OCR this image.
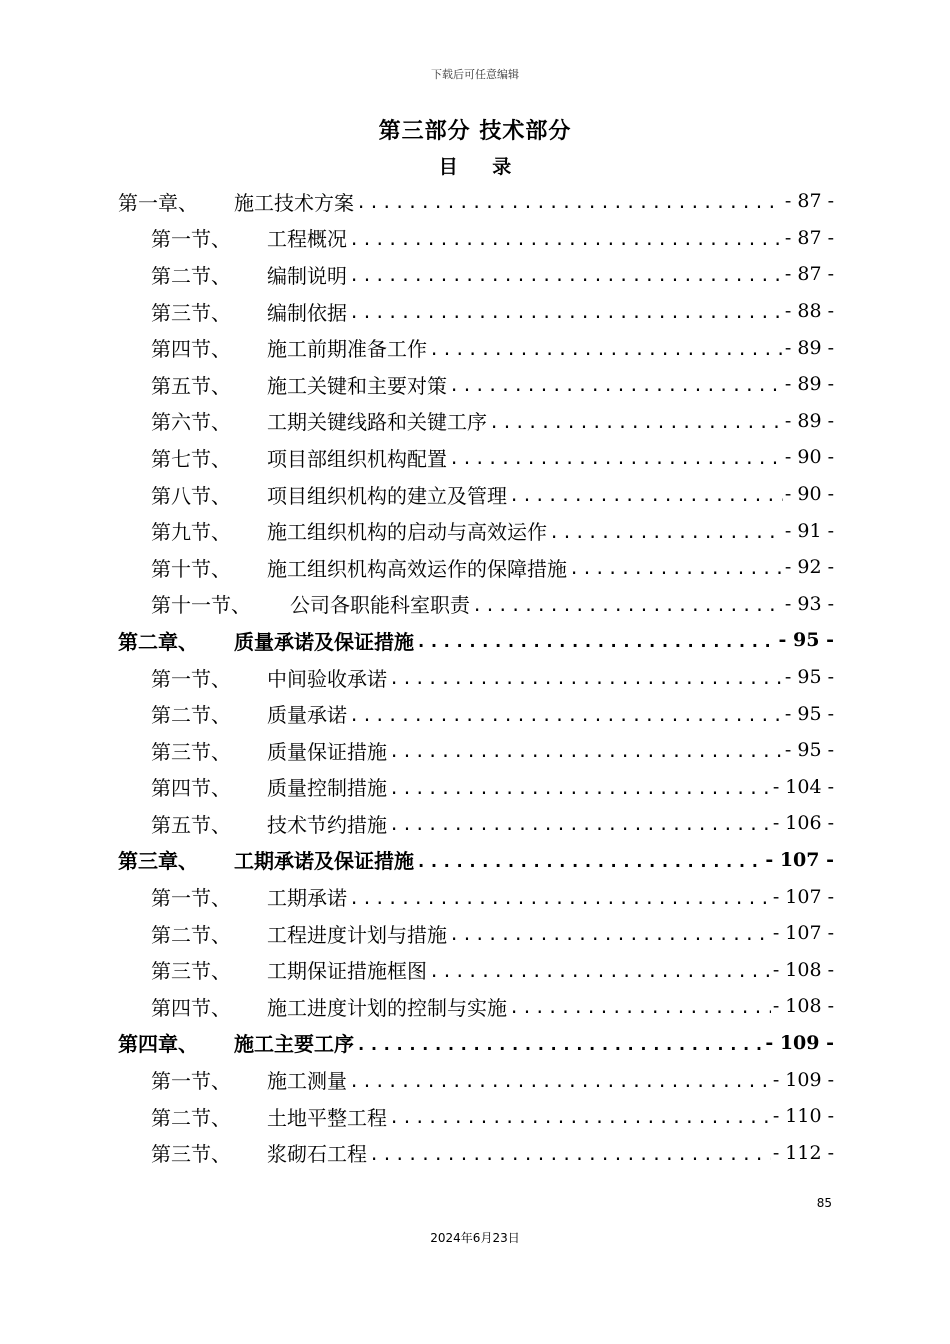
下载后可任意编辑
第三部分 技术部分
目 录
第一章、	施工技术方案 .....	- 87 -
第一节、	工程概况 .....	- 87 -
第二节、	编制说明 .....	- 87 -
第三节、	编制依据 .....	- 88 -
第四节、	施工前期准备工作 .....	- 89 -
第五节、	施工关键和主要对策 .....	- 89 -
第六节、	工期关键线路和关键工序 .....	- 89 -
第七节、	项目部组织机构配置 .....	- 90 -
第八节、	项目组织机构的建立及管理 .....	- 90 -
第九节、	施工组织机构的启动与高效运作 .....	- 91 -
第十节、	施工组织机构高效运作的保障措施 .....	- 92 -
第十一节、	公司各职能科室职责 .....	- 93 -
第二章、	质量承诺及保证措施 .....	- 95 -
第一节、	中间验收承诺 .....	- 95 -
第二节、	质量承诺 .....	- 95 -
第三节、	质量保证措施 .....	- 95 -
第四节、	质量控制措施 .....	- 104 -
第五节、	技术节约措施 .....	- 106 -
第三章、	工期承诺及保证措施 .....	- 107 -
第一节、	工期承诺 .....	- 107 -
第二节、	工程进度计划与措施 .....	- 107 -
第三节、	工期保证措施框图 .....	- 108 -
第四节、	施工进度计划的控制与实施 .....	- 108 -
第四章、	施工主要工序 .....	- 109 -
第一节、	施工测量 .....	- 109 -
第二节、	土地平整工程 .....	- 110 -
第三节、	浆砌石工程 .....	- 112 -
85
2024年6月23日
